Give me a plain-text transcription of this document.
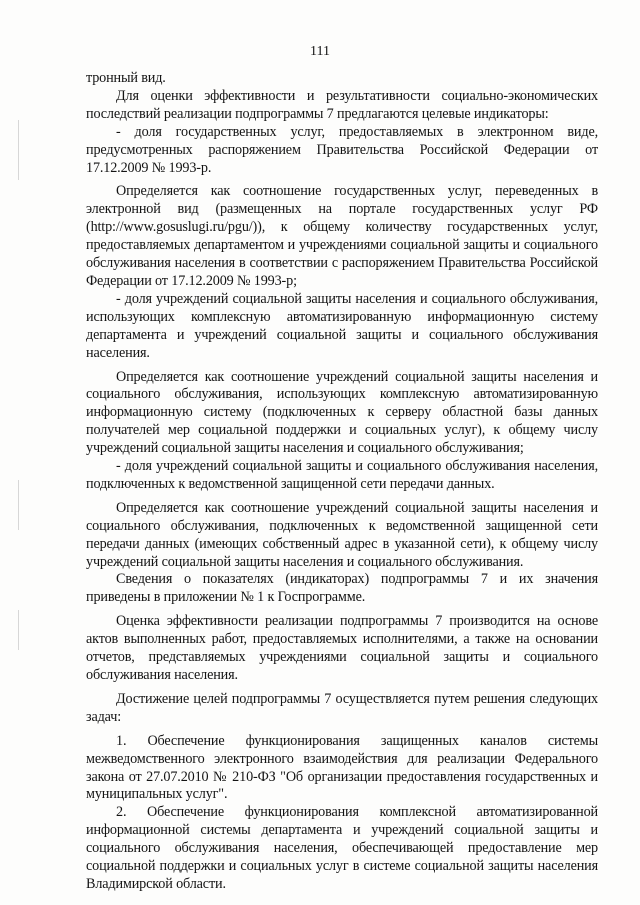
111

тронный вид.

Для оценки эффективности и результативности социально-экономических последствий реализации подпрограммы 7 предлагаются целевые индикаторы:

- доля государственных услуг, предоставляемых в электронном виде, предусмотренных распоряжением Правительства Российской Федерации от 17.12.2009 № 1993-р.

Определяется как соотношение государственных услуг, переведенных в электронной вид (размещенных на портале государственных услуг РФ (http://www.gosuslugi.ru/pgu/)), к общему количеству государственных услуг, предоставляемых департаментом и учреждениями социальной защиты и социального обслуживания населения в соответствии с распоряжением Правительства Российской Федерации от 17.12.2009 № 1993-р;

- доля учреждений социальной защиты населения и социального обслуживания, использующих комплексную автоматизированную информационную систему департамента и учреждений социальной защиты и социального обслуживания населения.

Определяется как соотношение учреждений социальной защиты населения и социального обслуживания, использующих комплексную автоматизированную информационную систему (подключенных к серверу областной базы данных получателей мер социальной поддержки и социальных услуг), к общему числу учреждений социальной защиты населения и социального обслуживания;

- доля учреждений социальной защиты и социального обслуживания населения, подключенных к ведомственной защищенной сети передачи данных.

Определяется как соотношение учреждений социальной защиты населения и социального обслуживания, подключенных к ведомственной защищенной сети передачи данных (имеющих собственный адрес в указанной сети), к общему числу учреждений социальной защиты населения и социального обслуживания.

Сведения о показателях (индикаторах) подпрограммы 7 и их значения приведены в приложении № 1 к Госпрограмме.

Оценка эффективности реализации подпрограммы 7 производится на основе актов выполненных работ, предоставляемых исполнителями, а также на основании отчетов, представляемых учреждениями социальной защиты и социального обслуживания населения.

Достижение целей подпрограммы 7 осуществляется путем решения следующих задач:

1. Обеспечение функционирования защищенных каналов системы межведомственного электронного взаимодействия для реализации Федерального закона от 27.07.2010 № 210-ФЗ "Об организации предоставления государственных и муниципальных услуг".

2. Обеспечение функционирования комплексной автоматизированной информационной системы департамента и учреждений социальной защиты и социального обслуживания населения, обеспечивающей предоставление мер социальной поддержки и социальных услуг в системе социальной защиты населения Владимирской области.
